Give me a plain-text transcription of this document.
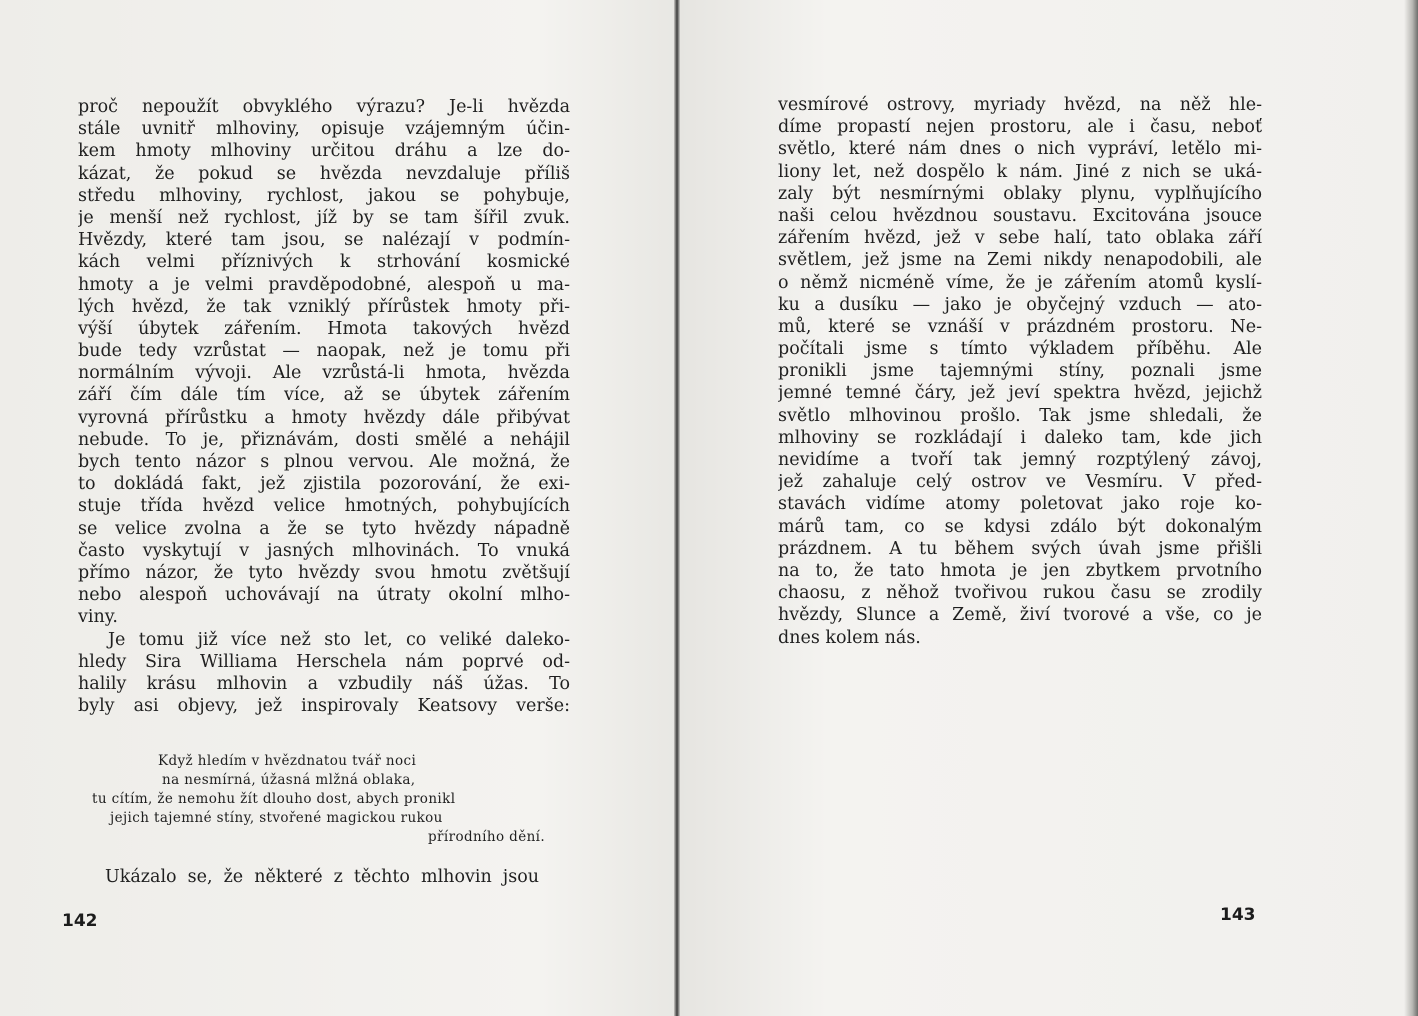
proč nepoužít obvyklého výrazu? Je-li hvězda
stále uvnitř mlhoviny, opisuje vzájemným účin-
kem hmoty mlhoviny určitou dráhu a lze do-
kázat, že pokud se hvězda nevzdaluje příliš
středu mlhoviny, rychlost, jakou se pohybuje,
je menší než rychlost, jíž by se tam šířil zvuk.
Hvězdy, které tam jsou, se nalézají v podmín-
kách velmi příznivých k strhování kosmické
hmoty a je velmi pravděpodobné, alespoň u ma-
lých hvězd, že tak vzniklý přírůstek hmoty při-
výší úbytek zářením. Hmota takových hvězd
bude tedy vzrůstat — naopak, než je tomu při
normálním vývoji. Ale vzrůstá-li hmota, hvězda
září čím dále tím více, až se úbytek zářením
vyrovná přírůstku a hmoty hvězdy dále přibývat
nebude. To je, přiznávám, dosti smělé a nehájil
bych tento názor s plnou vervou. Ale možná, že
to dokládá fakt, jež zjistila pozorování, že exi-
stuje třída hvězd velice hmotných, pohybujících
se velice zvolna a že se tyto hvězdy nápadně
často vyskytují v jasných mlhovinách. To vnuká
přímo názor, že tyto hvězdy svou hmotu zvětšují
nebo alespoň uchovávají na útraty okolní mlho-
viny.
Je tomu již více než sto let, co veliké daleko-
hledy Sira Williama Herschela nám poprvé od-
halily krásu mlhovin a vzbudily náš úžas. To
byly asi objevy, jež inspirovaly Keatsovy verše:
Když hledím v hvězdnatou tvář noci
na nesmírná, úžasná mlžná oblaka,
tu cítím, že nemohu žít dlouho dost, abych pronikl
jejich tajemné stíny, stvořené magickou rukou
přírodního dění.
Ukázalo se, že některé z těchto mlhovin jsou
142
vesmírové ostrovy, myriady hvězd, na něž hle-
díme propastí nejen prostoru, ale i času, neboť
světlo, které nám dnes o nich vypráví, letělo mi-
liony let, než dospělo k nám. Jiné z nich se uká-
zaly být nesmírnými oblaky plynu, vyplňujícího
naši celou hvězdnou soustavu. Excitována jsouce
zářením hvězd, jež v sebe halí, tato oblaka září
světlem, jež jsme na Zemi nikdy nenapodobili, ale
o němž nicméně víme, že je zářením atomů kyslí-
ku a dusíku — jako je obyčejný vzduch — ato-
mů, které se vznáší v prázdném prostoru. Ne-
počítali jsme s tímto výkladem příběhu. Ale
pronikli jsme tajemnými stíny, poznali jsme
jemné temné čáry, jež jeví spektra hvězd, jejichž
světlo mlhovinou prošlo. Tak jsme shledali, že
mlhoviny se rozkládají i daleko tam, kde jich
nevidíme a tvoří tak jemný rozptýlený závoj,
jež zahaluje celý ostrov ve Vesmíru. V před-
stavách vidíme atomy poletovat jako roje ko-
márů tam, co se kdysi zdálo být dokonalým
prázdnem. A tu během svých úvah jsme přišli
na to, že tato hmota je jen zbytkem prvotního
chaosu, z něhož tvořivou rukou času se zrodily
hvězdy, Slunce a Země, živí tvorové a vše, co je
dnes kolem nás.
143
